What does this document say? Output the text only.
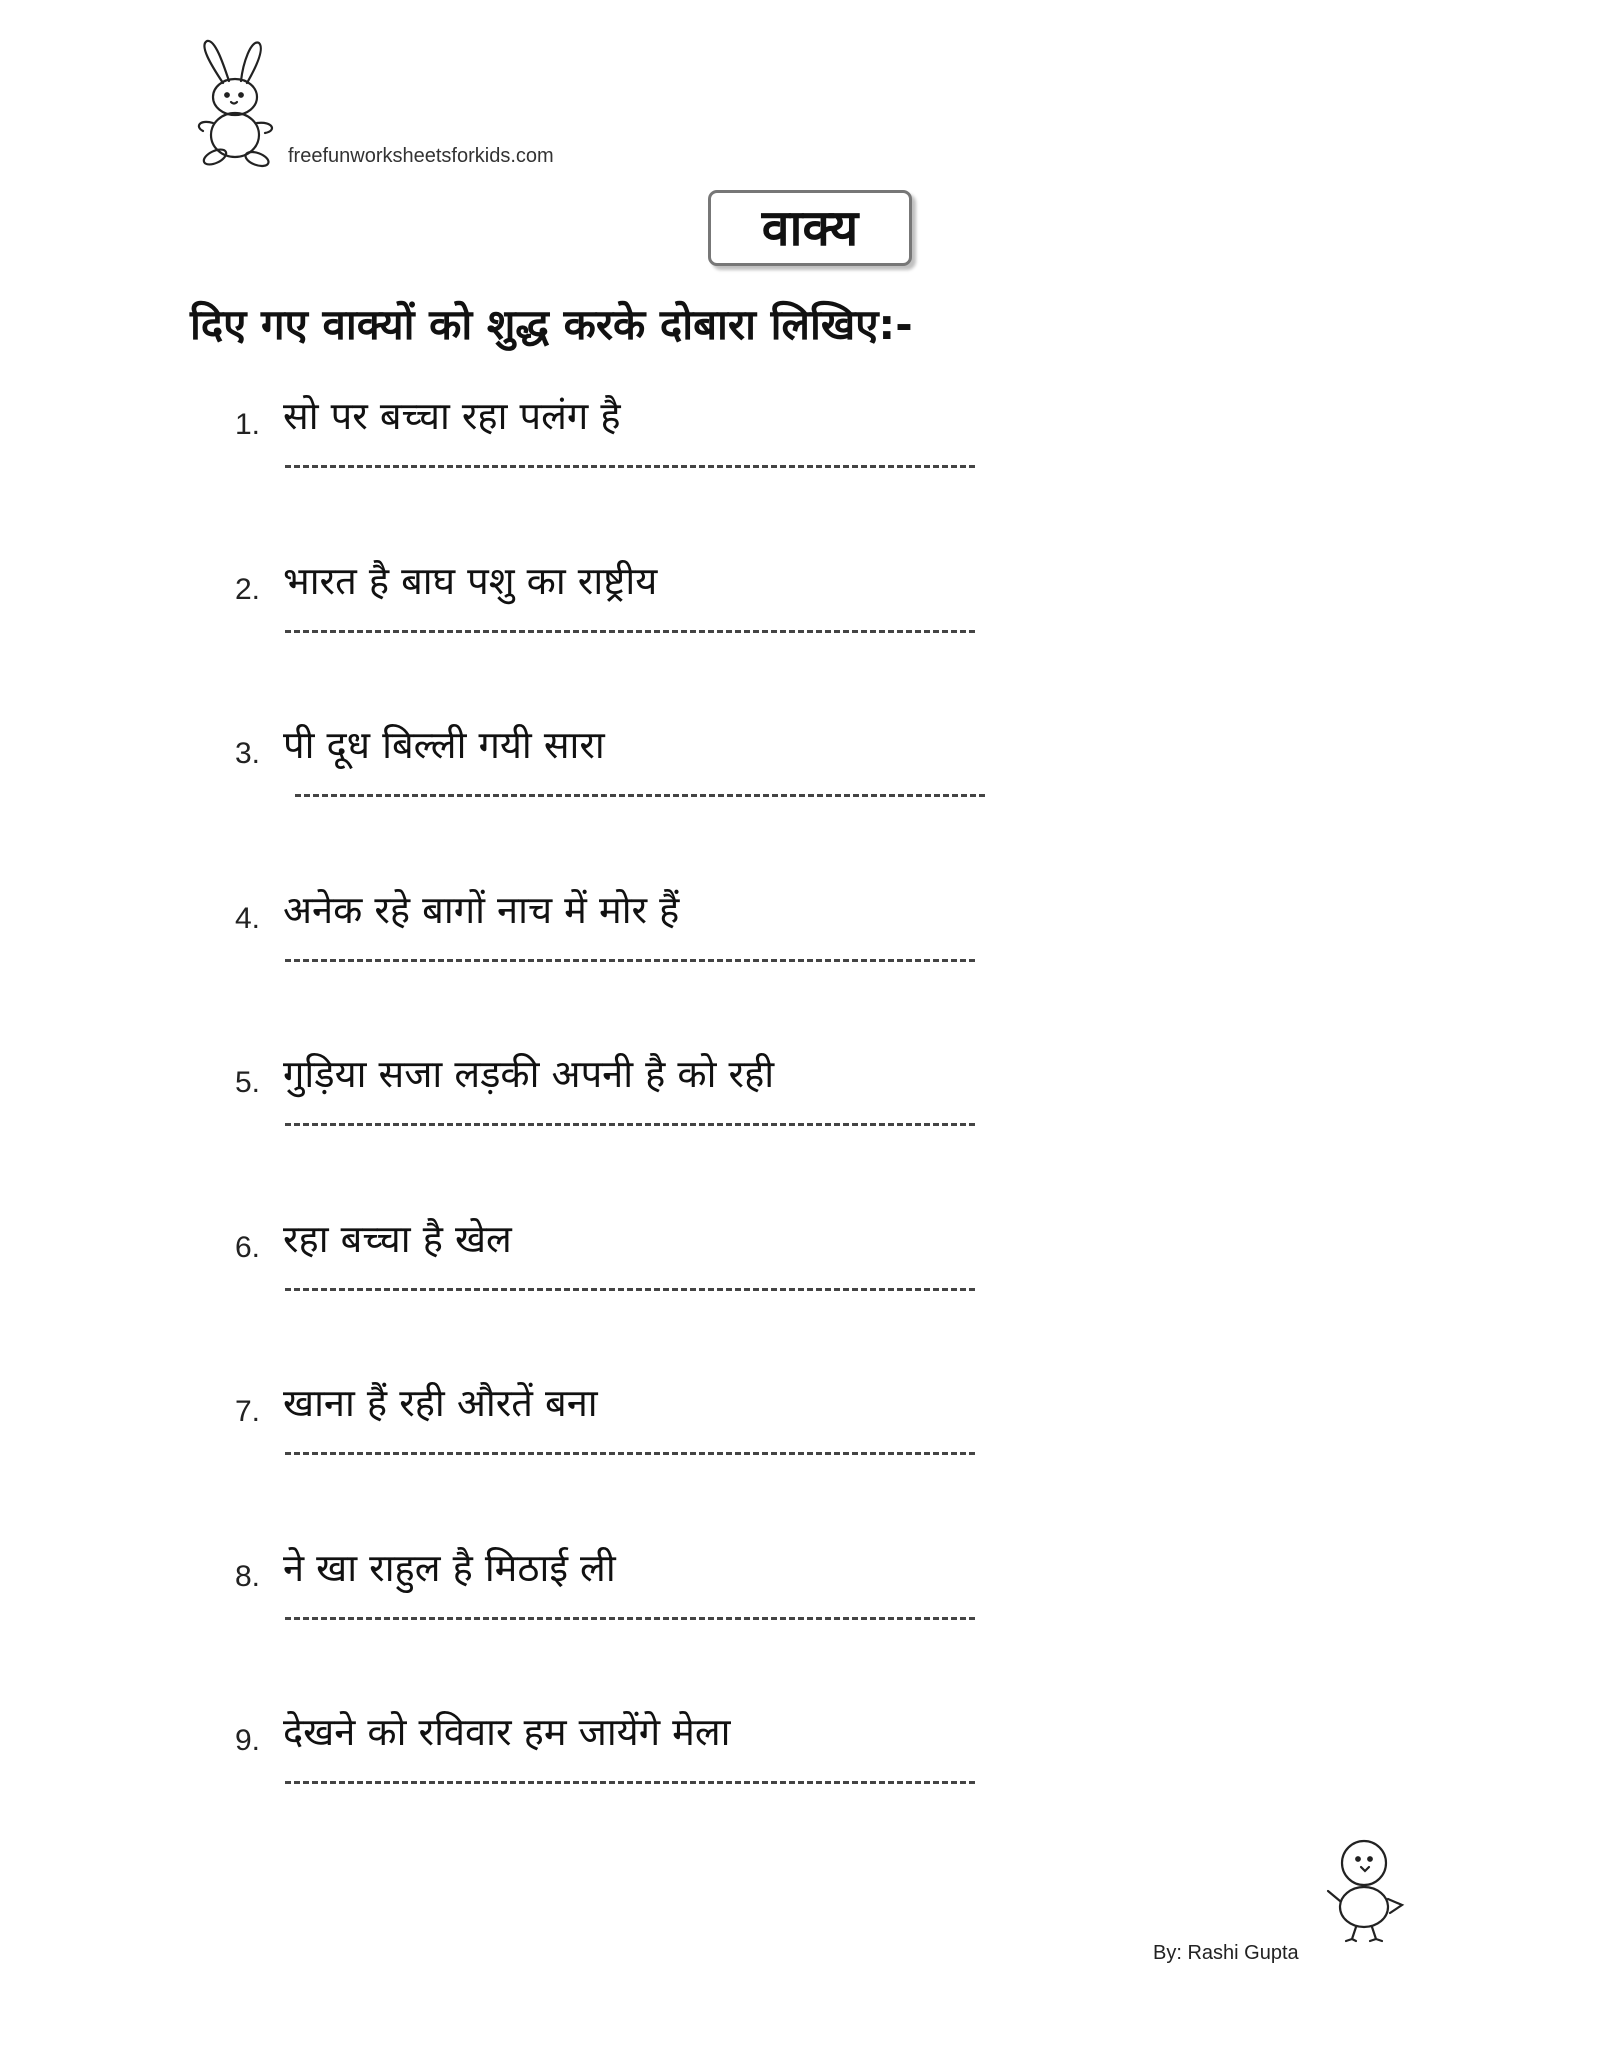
freefunworksheetsforkids.com
वाक्य
दिए गए वाक्यों को शुद्ध करके दोबारा लिखिए:-
1. सो पर बच्चा रहा पलंग है
2. भारत है बाघ पशु का राष्ट्रीय
3. पी दूध बिल्ली गयी सारा
4. अनेक रहे बागों नाच में मोर हैं
5. गुड़िया सजा लड़की अपनी है को रही
6. रहा बच्चा है खेल
7. खाना हैं रही औरतें बना
8. ने खा राहुल है मिठाई ली
9. देखने को रविवार हम जायेंगे मेला
By: Rashi Gupta
